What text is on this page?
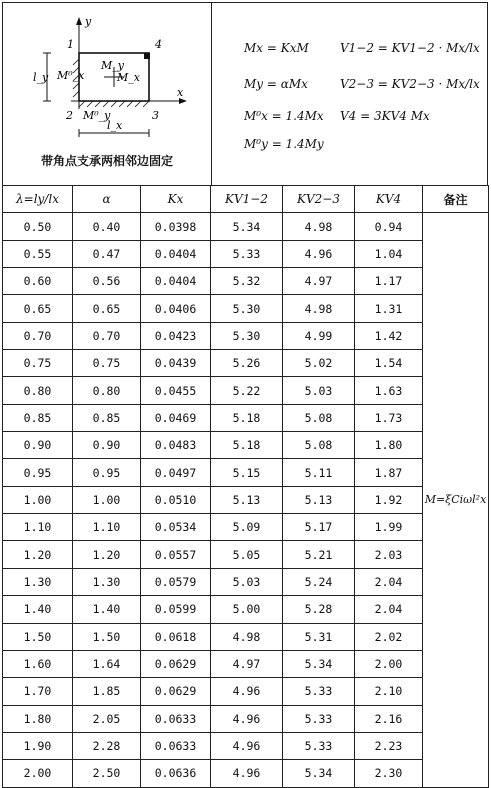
1
2	3
4
y
x
l_y
l_x
M_x
M_y
M⁰_x
M⁰_y
带角点支承两相邻边固定
Mx = KxM	V1−2 = KV1−2 · Mx/lx
My = αMx	V2−3 = KV2−3 · Mx/lx
M⁰x = 1.4Mx V4 = 3KV4 Mx
M⁰y = 1.4My
λ=ly/lx	α	Kx	KV1−2	KV2−3	KV4	备注
0.50	0.40	0.0398	5.34	4.98	0.94	M=ξCiωl²x
0.55	0.47	0.0404	5.33	4.96	1.04	
0.60	0.56	0.0404	5.32	4.97	1.17	
0.65	0.65	0.0406	5.30	4.98	1.31	
0.70	0.70	0.0423	5.30	4.99	1.42	
0.75	0.75	0.0439	5.26	5.02	1.54	
0.80	0.80	0.0455	5.22	5.03	1.63	
0.85	0.85	0.0469	5.18	5.08	1.73	
0.90	0.90	0.0483	5.18	5.08	1.80	
0.95	0.95	0.0497	5.15	5.11	1.87	
1.00	1.00	0.0510	5.13	5.13	1.92	
1.10	1.10	0.0534	5.09	5.17	1.99	
1.20	1.20	0.0557	5.05	5.21	2.03	
1.30	1.30	0.0579	5.03	5.24	2.04	
1.40	1.40	0.0599	5.00	5.28	2.04	
1.50	1.50	0.0618	4.98	5.31	2.02	
1.60	1.64	0.0629	4.97	5.34	2.00	
1.70	1.85	0.0629	4.96	5.33	2.10	
1.80	2.05	0.0633	4.96	5.33	2.16	
1.90	2.28	0.0633	4.96	5.33	2.23	
2.00	2.50	0.0636	4.96	5.34	2.30	
